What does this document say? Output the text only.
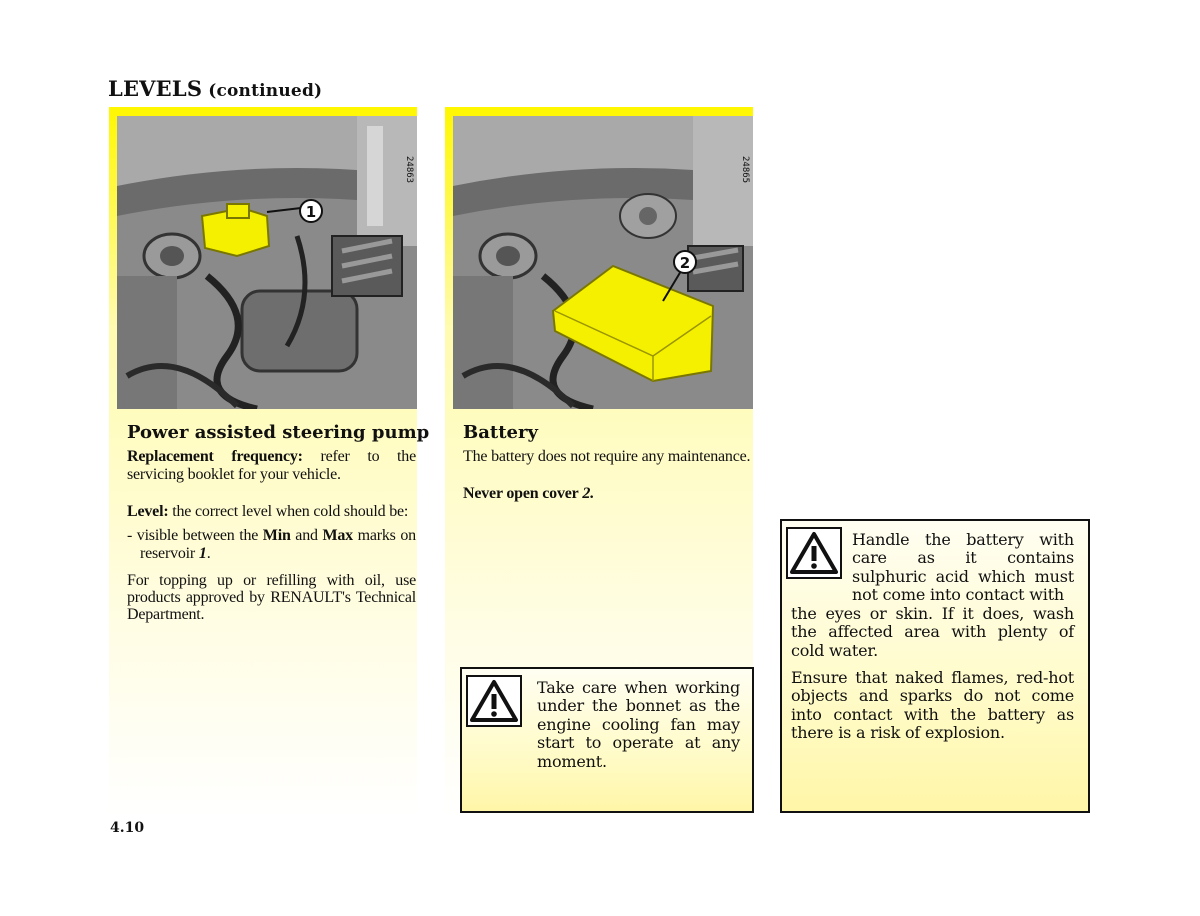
LEVELS (continued)
1
24863
2
24865
Power assisted steering pump

Replacement frequency: refer to the servicing booklet for your vehicle.

Level: the correct level when cold should be:

- visible between the Min and Max marks on reservoir 1.

For topping up or refilling with oil, use products approved by RENAULT's Technical Department.

Battery

The battery does not require any maintenance.

Never open cover 2.

Take care when working under the bonnet as the engine cooling fan may start to operate at any moment.
Handle the battery with care as it contains sulphuric acid which must not come into contact with
the eyes or skin. If it does, wash the affected area with plenty of cold water.
Ensure that naked flames, red-hot objects and sparks do not come into contact with the battery as there is a risk of explosion.
4.10
